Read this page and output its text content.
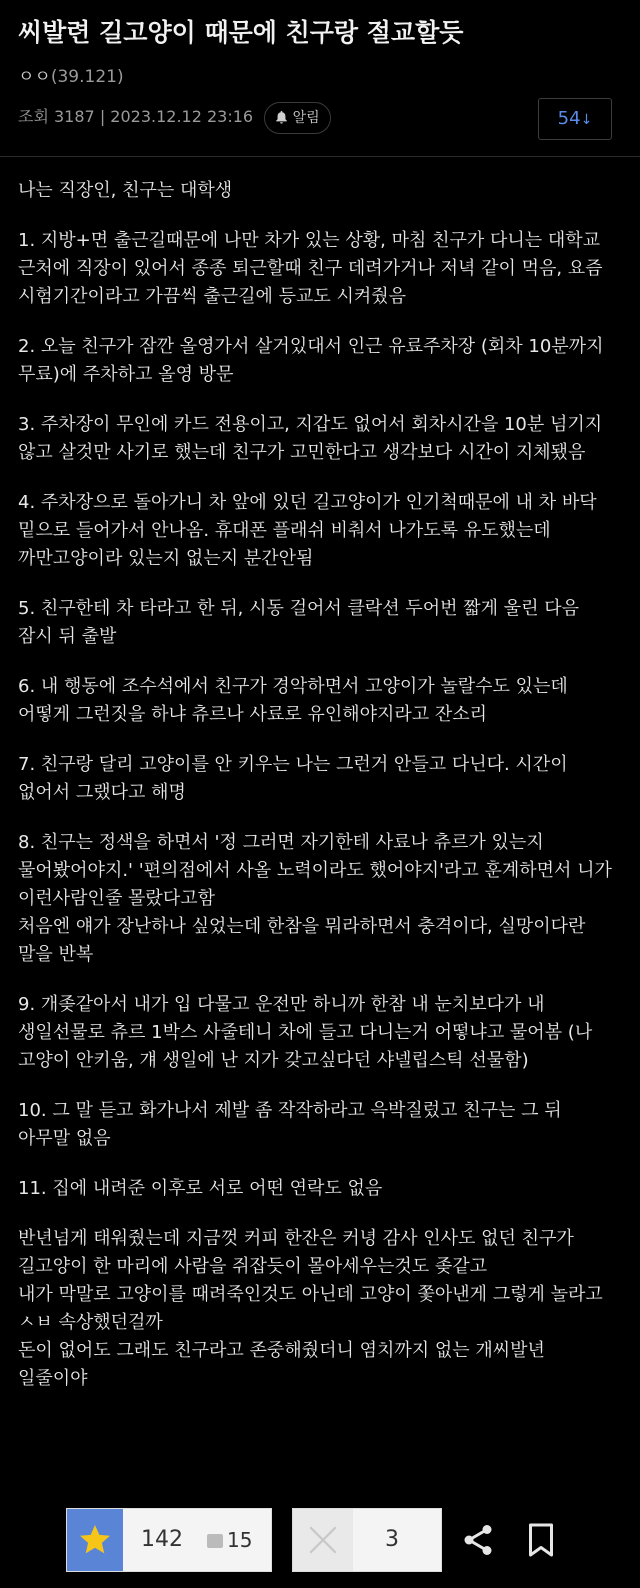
씨발련 길고양이 때문에 친구랑 절교할듯
ㅇㅇ(39.121)
조회 3187 | 2023.12.12 23:16	알림	54↓

나는 직장인, 친구는 대학생

1. 지방+면 출근길때문에 나만 차가 있는 상황, 마침 친구가 다니는 대학교 근처에 직장이 있어서 종종 퇴근할때 친구 데려가거나 저녁 같이 먹음, 요즘 시험기간이라고 가끔씩 출근길에 등교도 시켜줬음

2. 오늘 친구가 잠깐 올영가서 살거있대서 인근 유료주차장 (회차 10분까지 무료)에 주차하고 올영 방문

3. 주차장이 무인에 카드 전용이고, 지갑도 없어서 회차시간을 10분 넘기지 않고 살것만 사기로 했는데 친구가 고민한다고 생각보다 시간이 지체됐음

4. 주차장으로 돌아가니 차 앞에 있던 길고양이가 인기척때문에 내 차 바닥 밑으로 들어가서 안나옴. 휴대폰 플래쉬 비춰서 나가도록 유도했는데 까만고양이라 있는지 없는지 분간안됨

5. 친구한테 차 타라고 한 뒤, 시동 걸어서 클락션 두어번 짧게 울린 다음 잠시 뒤 출발

6. 내 행동에 조수석에서 친구가 경악하면서 고양이가 놀랄수도 있는데 어떻게 그런짓을 하냐 츄르나 사료로 유인해야지라고 잔소리

7. 친구랑 달리 고양이를 안 키우는 나는 그런거 안들고 다닌다. 시간이 없어서 그랬다고 해명

8. 친구는 정색을 하면서 '정 그러면 자기한테 사료나 츄르가 있는지 물어봤어야지.' '편의점에서 사올 노력이라도 했어야지'라고 훈계하면서 니가 이런사람인줄 몰랐다고함
처음엔 얘가 장난하나 싶었는데 한참을 뭐라하면서 충격이다, 실망이다란 말을 반복

9. 개좆같아서 내가 입 다물고 운전만 하니까 한참 내 눈치보다가 내 생일선물로 츄르 1박스 사줄테니 차에 들고 다니는거 어떻냐고 물어봄 (나 고양이 안키움, 걔 생일에 난 지가 갖고싶다던 샤넬립스틱 선물함)

10. 그 말 듣고 화가나서 제발 좀 작작하라고 윽박질렀고 친구는 그 뒤 아무말 없음

11. 집에 내려준 이후로 서로 어떤 연락도 없음

반년넘게 태워줬는데 지금껏 커피 한잔은 커녕 감사 인사도 없던 친구가 길고양이 한 마리에 사람을 쥐잡듯이 몰아세우는것도 좆같고
내가 막말로 고양이를 때려죽인것도 아닌데 고양이 쫓아낸게 그렇게 놀라고 ㅅㅂ 속상했던걸까
돈이 없어도 그래도 친구라고 존중해줬더니 염치까지 없는 개씨발년 일줄이야

142	15	3
